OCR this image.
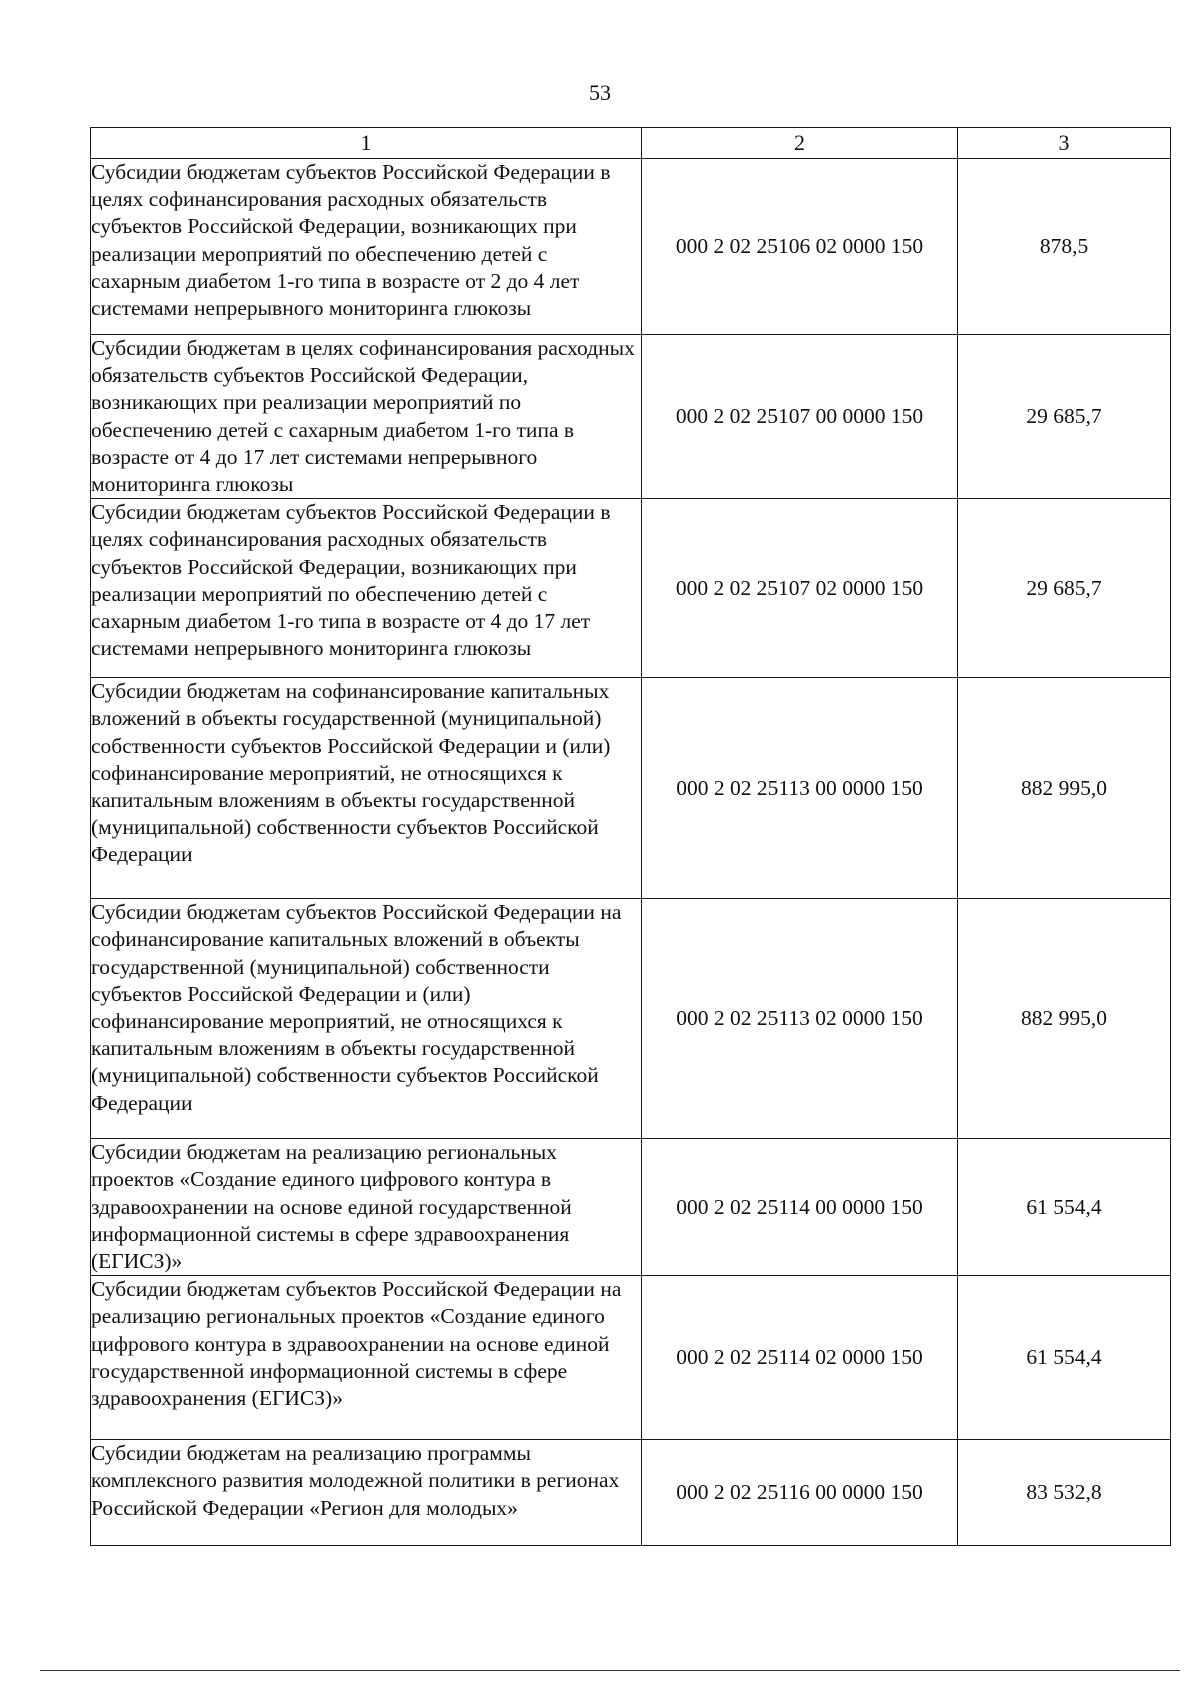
53
1	2	3
Субсидии бюджетам субъектов Российской Федерации в целях софинансирования расходных обязательств субъектов Российской Федерации, возникающих при реализации мероприятий по обеспечению детей с сахарным диабетом 1-го типа в возрасте от 2 до 4 лет системами непрерывного мониторинга глюкозы	000 2 02 25106 02 0000 150	878,5
Субсидии бюджетам в целях софинансирования расходных обязательств субъектов Российской Федерации, возникающих при реализации мероприятий по обеспечению детей с сахарным диабетом 1-го типа в возрасте от 4 до 17 лет системами непрерывного мониторинга глюкозы	000 2 02 25107 00 0000 150	29 685,7
Субсидии бюджетам субъектов Российской Федерации в целях софинансирования расходных обязательств субъектов Российской Федерации, возникающих при реализации мероприятий по обеспечению детей с сахарным диабетом 1-го типа в возрасте от 4 до 17 лет системами непрерывного мониторинга глюкозы	000 2 02 25107 02 0000 150	29 685,7
Субсидии бюджетам на софинансирование капитальных вложений в объекты государственной (муниципальной) собственности субъектов Российской Федерации и (или) софинансирование мероприятий, не относящихся к капитальным вложениям в объекты государственной (муниципальной) собственности субъектов Российской Федерации	000 2 02 25113 00 0000 150	882 995,0
Субсидии бюджетам субъектов Российской Федерации на софинансирование капитальных вложений в объекты государственной (муниципальной) собственности субъектов Российской Федерации и (или) софинансирование мероприятий, не относящихся к капитальным вложениям в объекты государственной (муниципальной) собственности субъектов Российской Федерации	000 2 02 25113 02 0000 150	882 995,0
Субсидии бюджетам на реализацию региональных проектов «Создание единого цифрового контура в здравоохранении на основе единой государственной информационной системы в сфере здравоохранения (ЕГИСЗ)»	000 2 02 25114 00 0000 150	61 554,4
Субсидии бюджетам субъектов Российской Федерации на реализацию региональных проектов «Создание единого цифрового контура в здравоохранении на основе единой государственной информационной системы в сфере здравоохранения (ЕГИСЗ)»	000 2 02 25114 02 0000 150	61 554,4
Субсидии бюджетам на реализацию программы комплексного развития молодежной политики в регионах Российской Федерации «Регион для молодых»	000 2 02 25116 00 0000 150	83 532,8
